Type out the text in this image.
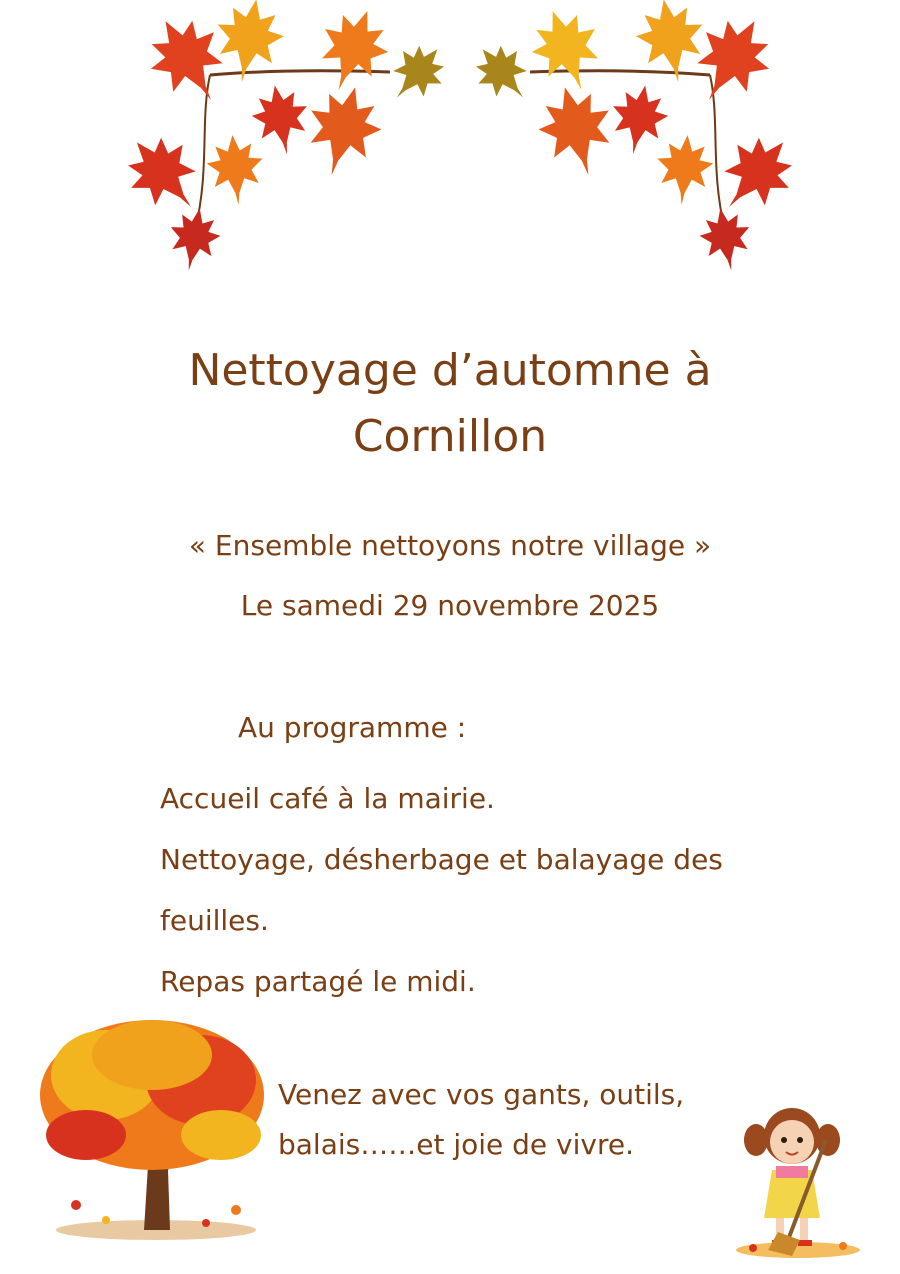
Nettoyage d’automne à
Cornillon
« Ensemble nettoyons notre village »
Le samedi 29 novembre 2025
Au programme :
Accueil café à la mairie.
Nettoyage, désherbage et balayage des
feuilles.
Repas partagé le midi.
Venez avec vos gants, outils,
balais……et joie de vivre.
